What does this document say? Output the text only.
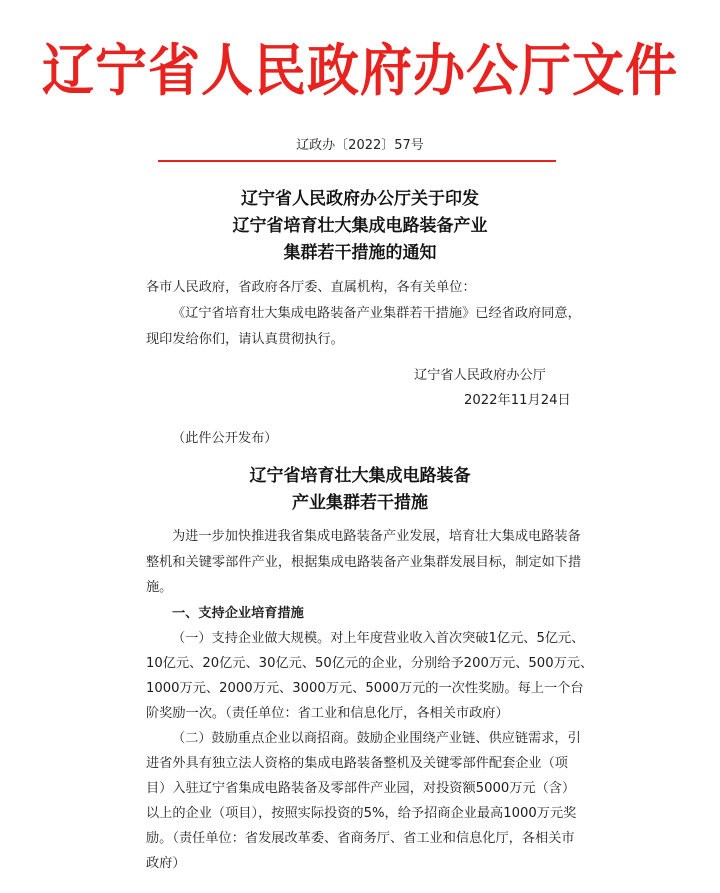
辽宁省人民政府办公厅文件
辽政办〔2022〕57号
辽宁省人民政府办公厅关于印发
辽宁省培育壮大集成电路装备产业
集群若干措施的通知
各市人民政府，省政府各厅委、直属机构，各有关单位：
《辽宁省培育壮大集成电路装备产业集群若干措施》已经省政府同意，
现印发给你们，请认真贯彻执行。
辽宁省人民政府办公厅
2022年11月24日
（此件公开发布）
辽宁省培育壮大集成电路装备
产业集群若干措施
为进一步加快推进我省集成电路装备产业发展，培育壮大集成电路装备
整机和关键零部件产业，根据集成电路装备产业集群发展目标，制定如下措
施。
一、支持企业培育措施
（一）支持企业做大规模。对上年度营业收入首次突破1亿元、5亿元、
10亿元、20亿元、30亿元、50亿元的企业，分别给予200万元、500万元、
1000万元、2000万元、3000万元、5000万元的一次性奖励。每上一个台
阶奖励一次。（责任单位：省工业和信息化厅，各相关市政府）
（二）鼓励重点企业以商招商。鼓励企业围绕产业链、供应链需求，引
进省外具有独立法人资格的集成电路装备整机及关键零部件配套企业（项
目）入驻辽宁省集成电路装备及零部件产业园，对投资额5000万元（含）
以上的企业（项目），按照实际投资的5%，给予招商企业最高1000万元奖
励。（责任单位：省发展改革委、省商务厅、省工业和信息化厅，各相关市
政府）
